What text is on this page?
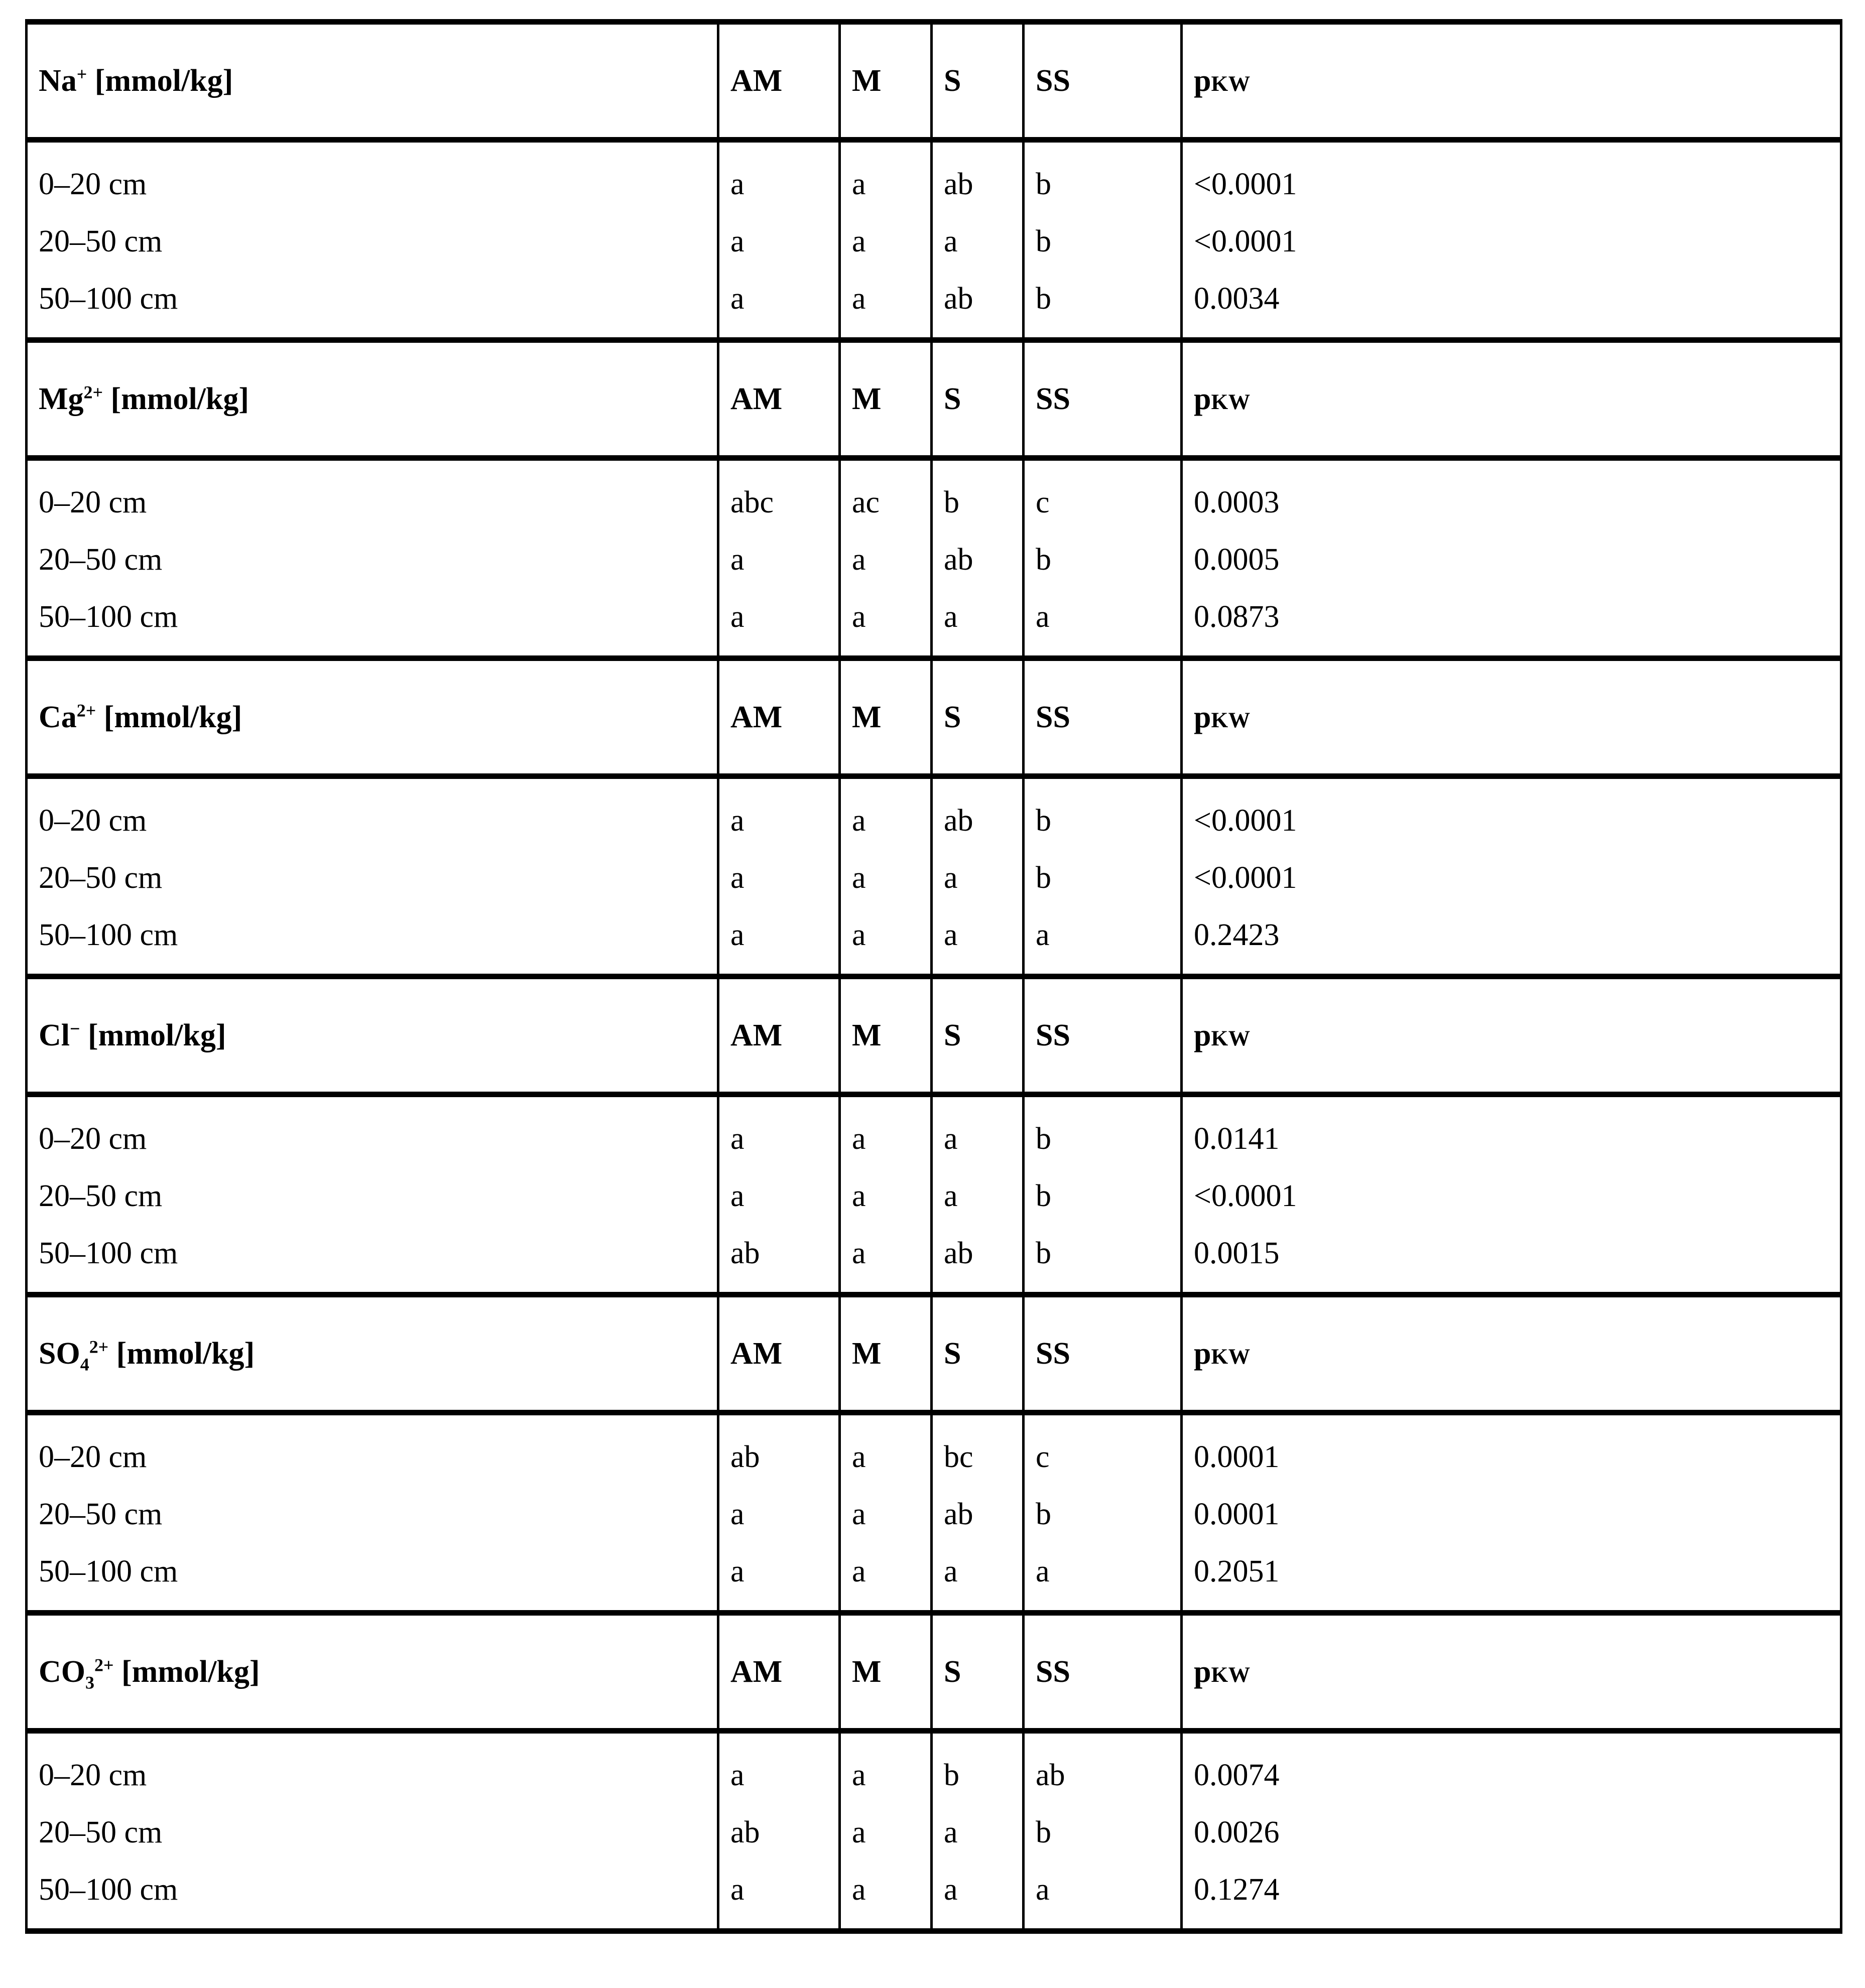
Na+ [mmol/kg]	AM	M	S	SS	pKW
0–20 cm	a	a	ab	b	<0.0001
20–50 cm	a	a	a	b	<0.0001
50–100 cm	a	a	ab	b	0.0034
$Mg^{2+}$ [mmol/kg]	AM	M	S	SS	pKW
0–20 cm	abc	ac	b	c	0.0003
20–50 cm	a	a	ab	b	0.0005
50–100 cm	a	a	a	a	0.0873
$Ca^{2+}$ [mmol/kg]	AM	M	S	SS	pKW
0–20 cm	a	a	ab	b	<0.0001
20–50 cm	a	a	a	b	<0.0001
50–100 cm	a	a	a	a	0.2423
Cl− [mmol/kg]	AM	M	S	SS	pKW
0–20 cm	a	a	a	b	0.0141
20–50 cm	a	a	a	b	<0.0001
50–100 cm	ab	a	ab	b	0.0015
$SO_4^{2+}$ [mmol/kg]	AM	M	S	SS	pKW
0–20 cm	ab	a	bc	c	0.0001
20–50 cm	a	a	ab	b	0.0001
50–100 cm	a	a	a	a	0.2051
$CO_3^{2+}$ [mmol/kg]	AM	M	S	SS	pKW
0–20 cm	a	a	b	ab	0.0074
20–50 cm	ab	a	a	b	0.0026
50–100 cm	a	a	a	a	0.1274
